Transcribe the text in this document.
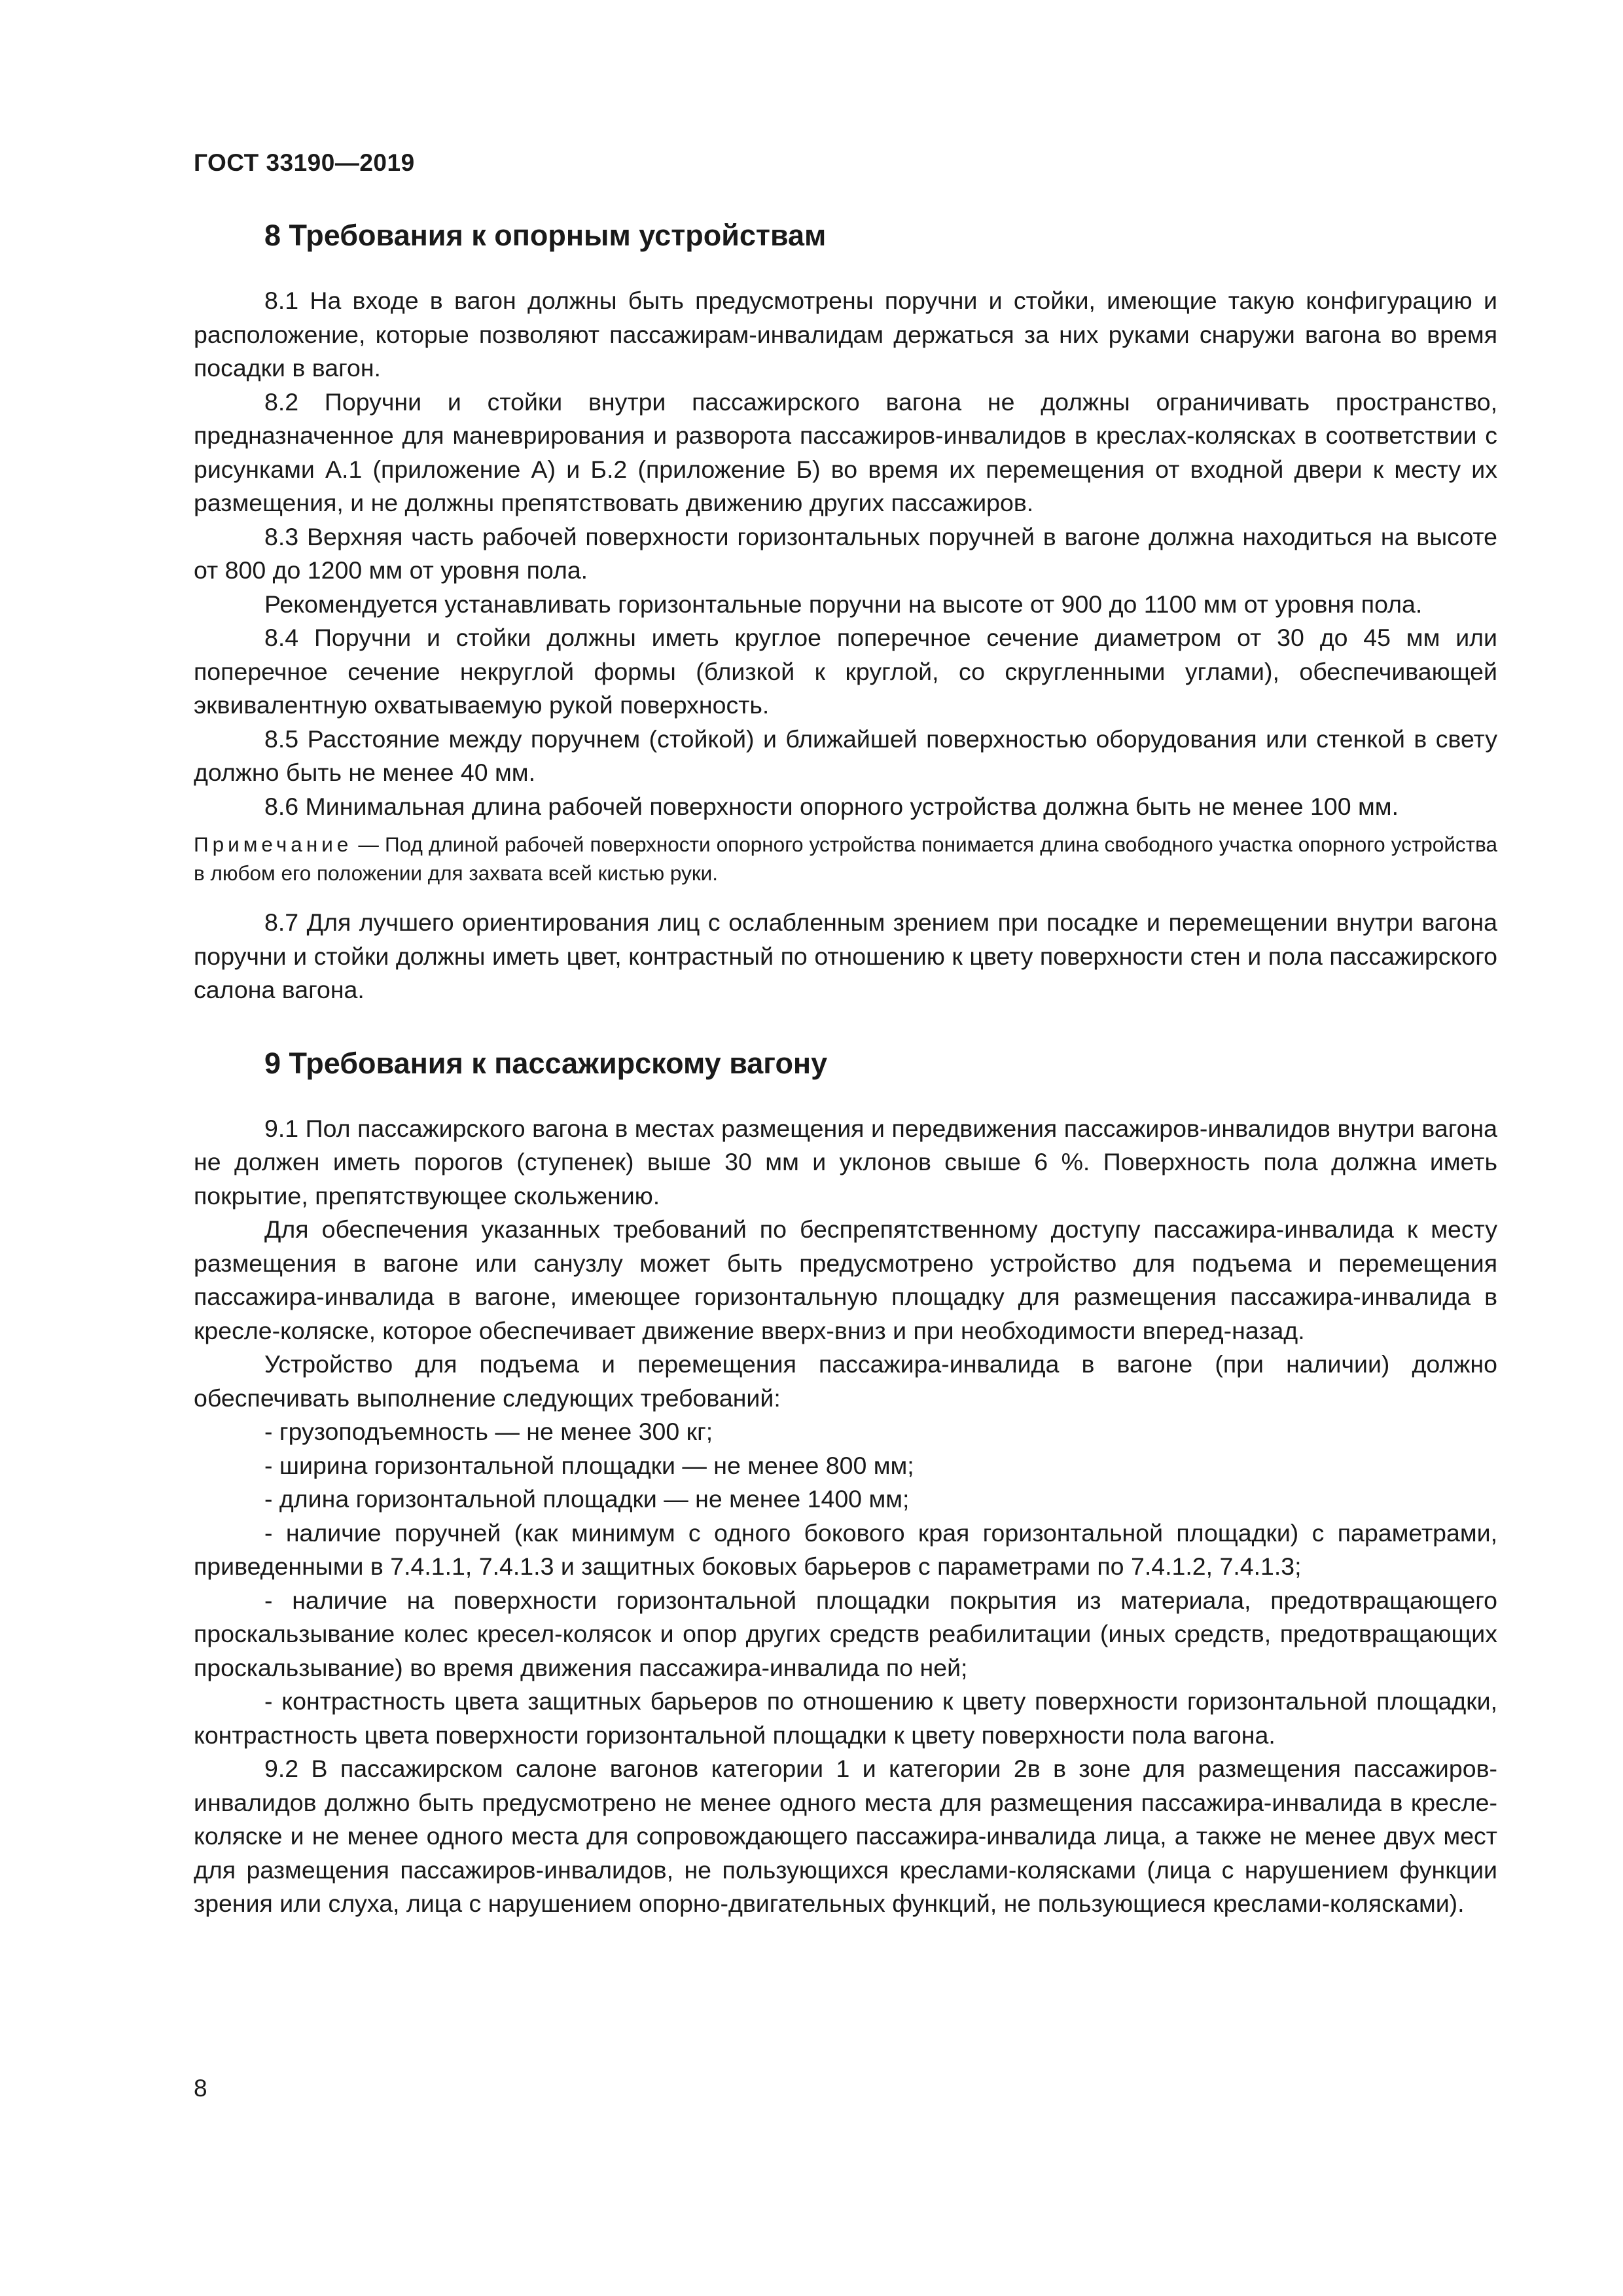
ГОСТ 33190—2019
8 Требования к опорным устройствам

8.1 На входе в вагон должны быть предусмотрены поручни и стойки, имеющие такую конфигурацию и расположение, которые позволяют пассажирам-инвалидам держаться за них руками снаружи вагона во время посадки в вагон.

8.2 Поручни и стойки внутри пассажирского вагона не должны ограничивать пространство, предназначенное для маневрирования и разворота пассажиров-инвалидов в креслах-колясках в соответствии с рисунками А.1 (приложение А) и Б.2 (приложение Б) во время их перемещения от входной двери к месту их размещения, и не должны препятствовать движению других пассажиров.

8.3 Верхняя часть рабочей поверхности горизонтальных поручней в вагоне должна находиться на высоте от 800 до 1200 мм от уровня пола.

Рекомендуется устанавливать горизонтальные поручни на высоте от 900 до 1100 мм от уровня пола.

8.4 Поручни и стойки должны иметь круглое поперечное сечение диаметром от 30 до 45 мм или поперечное сечение некруглой формы (близкой к круглой, со скругленными углами), обеспечивающей эквивалентную охватываемую рукой поверхность.

8.5 Расстояние между поручнем (стойкой) и ближайшей поверхностью оборудования или стенкой в свету должно быть не менее 40 мм.

8.6 Минимальная длина рабочей поверхности опорного устройства должна быть не менее 100 мм.

Примечание — Под длиной рабочей поверхности опорного устройства понимается длина свободного участка опорного устройства в любом его положении для захвата всей кистью руки.

8.7 Для лучшего ориентирования лиц с ослабленным зрением при посадке и перемещении внутри вагона поручни и стойки должны иметь цвет, контрастный по отношению к цвету поверхности стен и пола пассажирского салона вагона.

9 Требования к пассажирскому вагону

9.1 Пол пассажирского вагона в местах размещения и передвижения пассажиров-инвалидов внутри вагона не должен иметь порогов (ступенек) выше 30 мм и уклонов свыше 6 %. Поверхность пола должна иметь покрытие, препятствующее скольжению.

Для обеспечения указанных требований по беспрепятственному доступу пассажира-инвалида к месту размещения в вагоне или санузлу может быть предусмотрено устройство для подъема и перемещения пассажира-инвалида в вагоне, имеющее горизонтальную площадку для размещения пассажира-инвалида в кресле-коляске, которое обеспечивает движение вверх-вниз и при необходимости вперед-назад.

Устройство для подъема и перемещения пассажира-инвалида в вагоне (при наличии) должно обеспечивать выполнение следующих требований:

- грузоподъемность — не менее 300 кг;

- ширина горизонтальной площадки — не менее 800 мм;

- длина горизонтальной площадки — не менее 1400 мм;

- наличие поручней (как минимум с одного бокового края горизонтальной площадки) с параметрами, приведенными в 7.4.1.1, 7.4.1.3 и защитных боковых барьеров с параметрами по 7.4.1.2, 7.4.1.3;

- наличие на поверхности горизонтальной площадки покрытия из материала, предотвращающего проскальзывание колес кресел-колясок и опор других средств реабилитации (иных средств, предотвращающих проскальзывание) во время движения пассажира-инвалида по ней;

- контрастность цвета защитных барьеров по отношению к цвету поверхности горизонтальной площадки, контрастность цвета поверхности горизонтальной площадки к цвету поверхности пола вагона.

9.2 В пассажирском салоне вагонов категории 1 и категории 2в в зоне для размещения пассажиров-инвалидов должно быть предусмотрено не менее одного места для размещения пассажира-инвалида в кресле-коляске и не менее одного места для сопровождающего пассажира-инвалида лица, а также не менее двух мест для размещения пассажиров-инвалидов, не пользующихся креслами-колясками (лица с нарушением функции зрения или слуха, лица с нарушением опорно-двигательных функций, не пользующиеся креслами-колясками).

8
